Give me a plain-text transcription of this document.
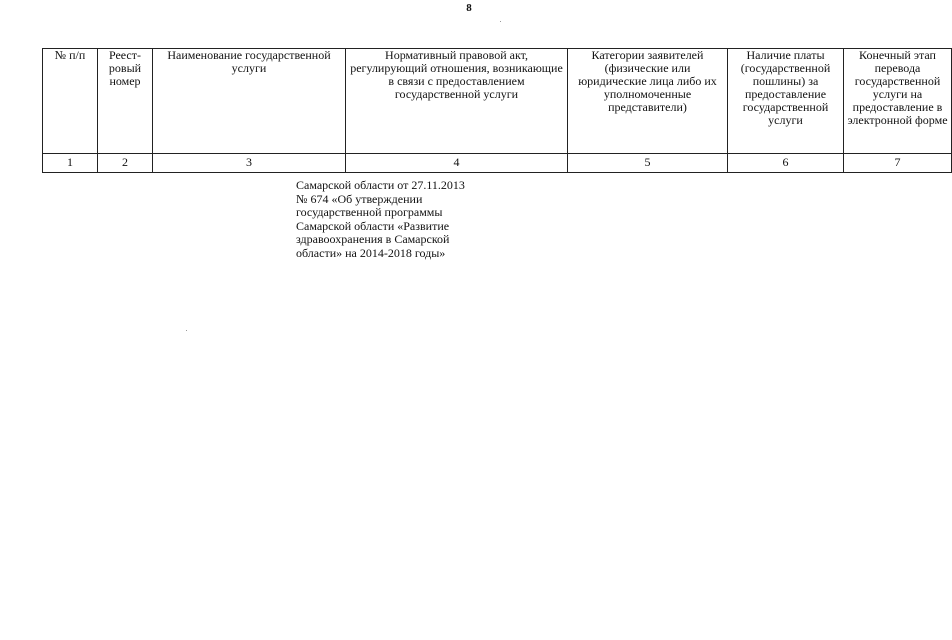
8
№ п/п	Реест-ровый номер	Наименование государственной услуги	Нормативный правовой акт, регулирующий отношения, возникающие в связи с предоставлением государственной услуги	Категории заявителей (физические или юридические лица либо их уполномоченные представители)	Наличие платы (государственной пошлины) за предоставление государственной услуги	Конечный этап перевода государственной услуги на предоставление в электронной форме
1	2	3	4	5	6	7
Самарской области от 27.11.2013
№ 674 «Об утверждении
государственной программы
Самарской области «Развитие
здравоохранения в Самарской
области» на 2014-2018 годы»
